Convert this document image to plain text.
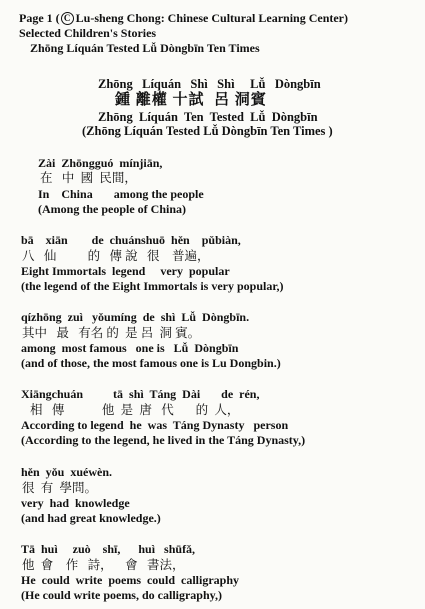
Page 1 ( C Lu-sheng Chong: Chinese Cultural Learning Center)
Selected Children's Stories
Zhōng Líquán Tested Lǚ Dòngbīn Ten Times
Zhōng   Líquán   Shì   Shì     Lǚ   Dòngbīn
鍾 離權 十試  呂 洞賓
Zhōng  Líquán  Ten  Tested  Lǚ  Dòngbīn
(Zhōng Líquán Tested Lǚ Dòngbīn Ten Times )
Zài  Zhōngguó  mínjiān,
在   中  國  民間，
In    China       among the people
(Among the people of China)
bā    xiān        de  chuánshuō  hěn    pǔbiàn,
八   仙          的   傳 說   很    普遍，
Eight Immortals  legend     very  popular
(the legend of the Eight Immortals is very popular,)
qízhōng  zuì   yǒumíng  de  shì  Lǚ  Dòngbīn.
其中   最   有名 的  是 呂  洞 賓。
among  most famous   one is   Lǚ  Dòngbīn
(and of those, the most famous one is Lu Dongbin.)
Xiāngchuán          tā  shì  Táng  Dài       de  rén,
相   傳            他  是  唐   代       的  人，
According to legend  he  was  Táng Dynasty   person
(According to the legend, he lived in the Táng Dynasty,)
hěn  yǒu  xuéwèn.
很  有  學問。
very  had  knowledge
(and had great knowledge.)
Tā  huì     zuò    shī,      huì   shūfǎ,
他  會    作   詩，    會   書法，
He  could  write  poems  could  calligraphy
(He could write poems, do calligraphy,)
